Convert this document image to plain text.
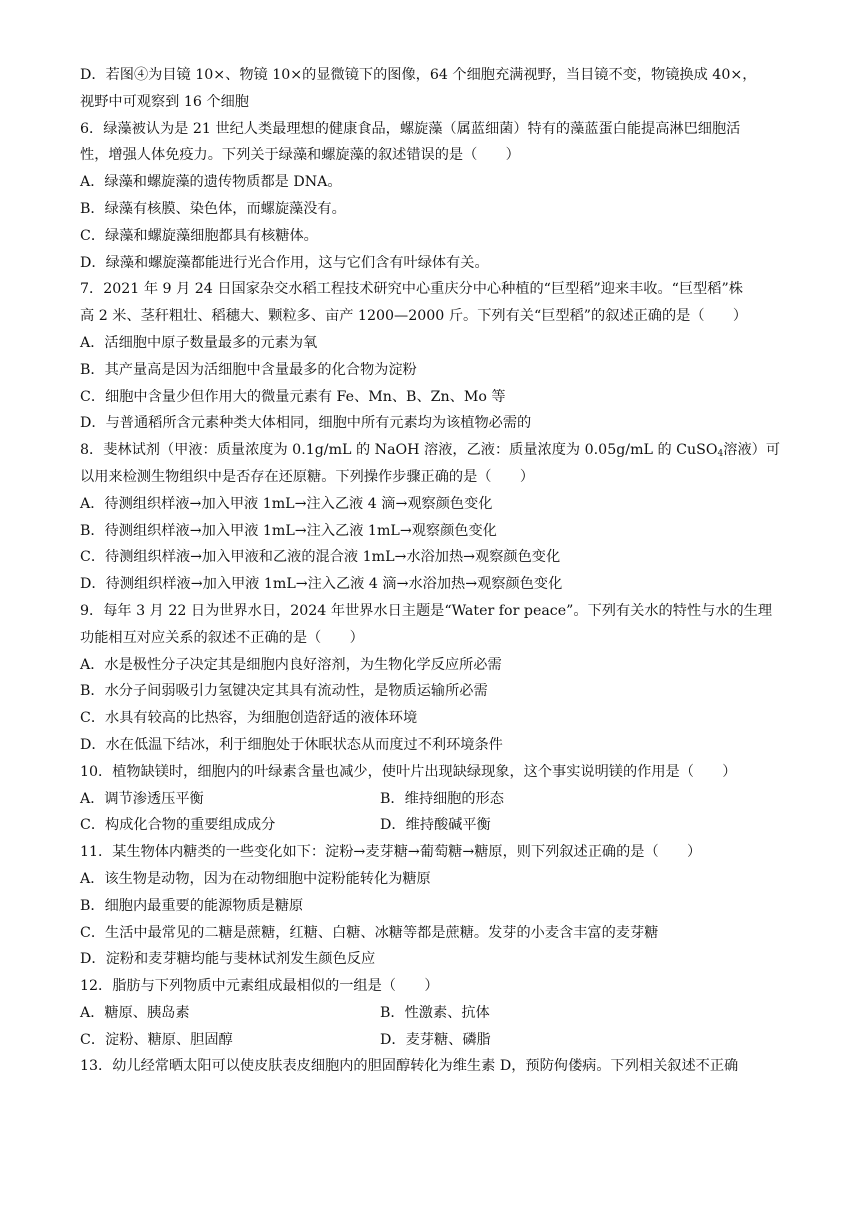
D．若图④为目镜 10×、物镜 10×的显微镜下的图像，64 个细胞充满视野，当目镜不变，物镜换成 40×，
视野中可观察到 16 个细胞
6．绿藻被认为是 21 世纪人类最理想的健康食品，螺旋藻（属蓝细菌）特有的藻蓝蛋白能提高淋巴细胞活
性，增强人体免疫力。下列关于绿藻和螺旋藻的叙述错误的是（　　）
A．绿藻和螺旋藻的遗传物质都是 DNA。
B．绿藻有核膜、染色体，而螺旋藻没有。
C．绿藻和螺旋藻细胞都具有核糖体。
D．绿藻和螺旋藻都能进行光合作用，这与它们含有叶绿体有关。
7．2021 年 9 月 24 日国家杂交水稻工程技术研究中心重庆分中心种植的“巨型稻”迎来丰收。“巨型稻”株
高 2 米、茎秆粗壮、稻穗大、颗粒多、亩产 1200—2000 斤。下列有关“巨型稻”的叙述正确的是（　　）
A．活细胞中原子数量最多的元素为氧
B．其产量高是因为活细胞中含量最多的化合物为淀粉
C．细胞中含量少但作用大的微量元素有 Fe、Mn、B、Zn、Mo 等
D．与普通稻所含元素种类大体相同，细胞中所有元素均为该植物必需的
8．斐林试剂（甲液：质量浓度为 0.1g/mL 的 NaOH 溶液，乙液：质量浓度为 0.05g/mL 的 CuSO$_4$溶液）可
以用来检测生物组织中是否存在还原糖。下列操作步骤正确的是（　　）
A．待测组织样液→加入甲液 1mL→注入乙液 4 滴→观察颜色变化
B．待测组织样液→加入甲液 1mL→注入乙液 1mL→观察颜色变化
C．待测组织样液→加入甲液和乙液的混合液 1mL→水浴加热→观察颜色变化
D．待测组织样液→加入甲液 1mL→注入乙液 4 滴→水浴加热→观察颜色变化
9．每年 3 月 22 日为世界水日，2024 年世界水日主题是“Water for peace”。下列有关水的特性与水的生理
功能相互对应关系的叙述不正确的是（　　）
A．水是极性分子决定其是细胞内良好溶剂，为生物化学反应所必需
B．水分子间弱吸引力氢键决定其具有流动性，是物质运输所必需
C．水具有较高的比热容，为细胞创造舒适的液体环境
D．水在低温下结冰，利于细胞处于休眠状态从而度过不利环境条件
10．植物缺镁时，细胞内的叶绿素含量也减少，使叶片出现缺绿现象，这个事实说明镁的作用是（　　）
A．调节渗透压平衡	B．维持细胞的形态
C．构成化合物的重要组成成分	D．维持酸碱平衡
11．某生物体内糖类的一些变化如下：淀粉→麦芽糖→葡萄糖→糖原，则下列叙述正确的是（　　）
A．该生物是动物，因为在动物细胞中淀粉能转化为糖原
B．细胞内最重要的能源物质是糖原
C．生活中最常见的二糖是蔗糖，红糖、白糖、冰糖等都是蔗糖。发芽的小麦含丰富的麦芽糖
D．淀粉和麦芽糖均能与斐林试剂发生颜色反应
12．脂肪与下列物质中元素组成最相似的一组是（　　）
A．糖原、胰岛素	B．性激素、抗体
C．淀粉、糖原、胆固醇	D．麦芽糖、磷脂
13．幼儿经常晒太阳可以使皮肤表皮细胞内的胆固醇转化为维生素 D，预防佝偻病。下列相关叙述不正确
